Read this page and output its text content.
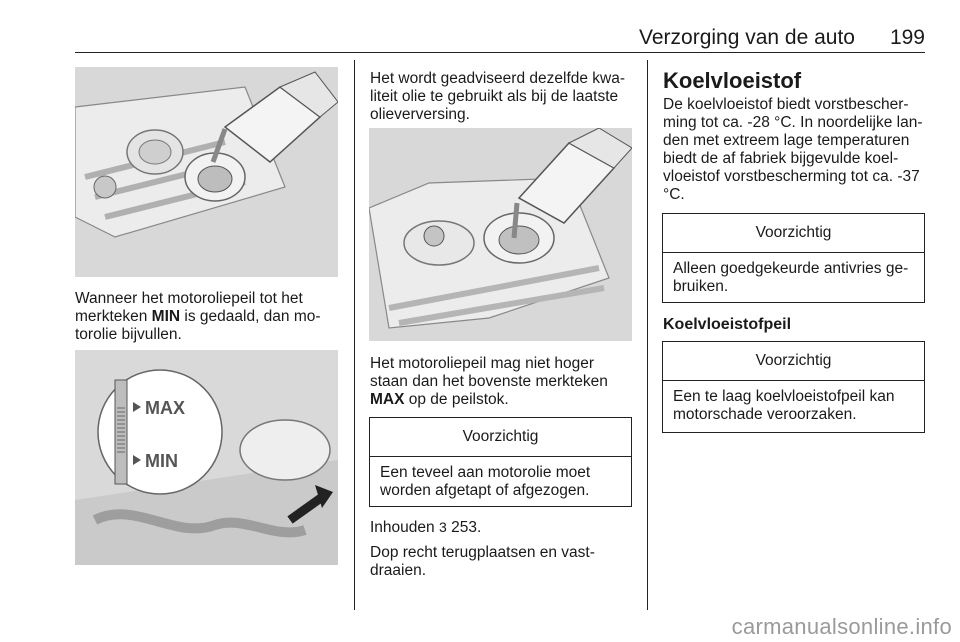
Verzorging van de auto 199
Wanneer het motoroliepeil tot het merkteken MIN is gedaald, dan mo-torolie bijvullen.
MAX
MIN
Het wordt geadviseerd dezelfde kwa-liteit olie te gebruikt als bij de laatste olieverversing.
Het motoroliepeil mag niet hoger staan dan het bovenste merkteken MAX op de peilstok.
Voorzichtig
Een teveel aan motorolie moet worden afgetapt of afgezogen.
Inhouden 3 253.
Dop recht terugplaatsen en vast-draaien.
Koelvloeistof
De koelvloeistof biedt vorstbescher-ming tot ca. -28 °C. In noordelijke lan-den met extreem lage temperaturen biedt de af fabriek bijgevulde koel-vloeistof vorstbescherming tot ca. -37 °C.
Voorzichtig
Alleen goedgekeurde antivries ge-bruiken.
Koelvloeistofpeil
Voorzichtig
Een te laag koelvloeistofpeil kan motorschade veroorzaken.
carmanualsonline.info
